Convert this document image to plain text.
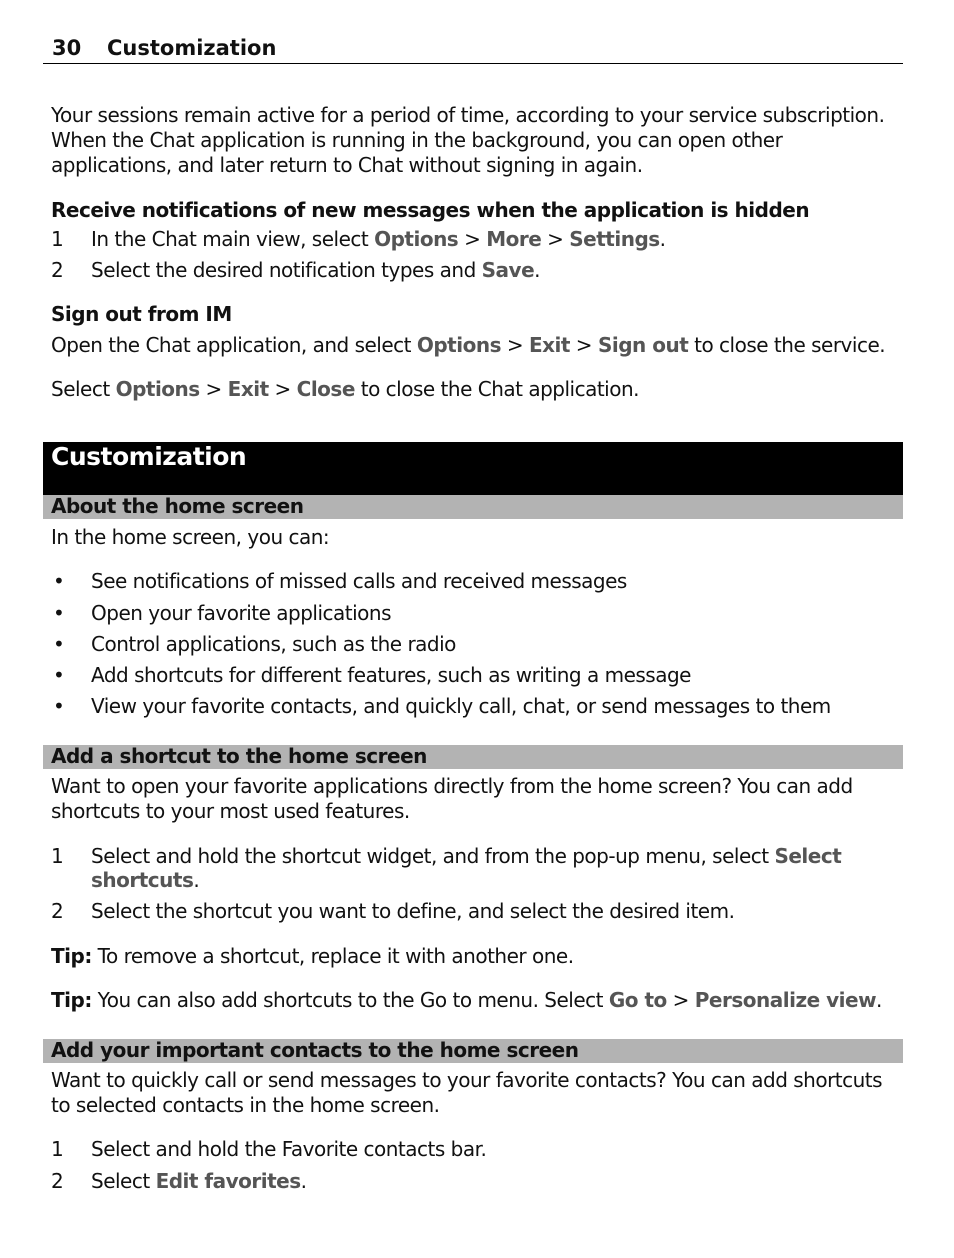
30 Customization
Your sessions remain active for a period of time, according to your service subscription.
When the Chat application is running in the background, you can open other
applications, and later return to Chat without signing in again.
Receive notifications of new messages when the application is hidden
1 In the Chat main view, select Options > More > Settings.
2 Select the desired notification types and Save.
Sign out from IM
Open the Chat application, and select Options > Exit > Sign out to close the service.
Select Options > Exit > Close to close the Chat application.
Customization
About the home screen
In the home screen, you can:
• See notifications of missed calls and received messages
• Open your favorite applications
• Control applications, such as the radio
• Add shortcuts for different features, such as writing a message
• View your favorite contacts, and quickly call, chat, or send messages to them
Add a shortcut to the home screen
Want to open your favorite applications directly from the home screen? You can add
shortcuts to your most used features.
1 Select and hold the shortcut widget, and from the pop-up menu, select Select
shortcuts.
2 Select the shortcut you want to define, and select the desired item.
Tip: To remove a shortcut, replace it with another one.
Tip: You can also add shortcuts to the Go to menu. Select Go to > Personalize view.
Add your important contacts to the home screen
Want to quickly call or send messages to your favorite contacts? You can add shortcuts
to selected contacts in the home screen.
1 Select and hold the Favorite contacts bar.
2 Select Edit favorites.
